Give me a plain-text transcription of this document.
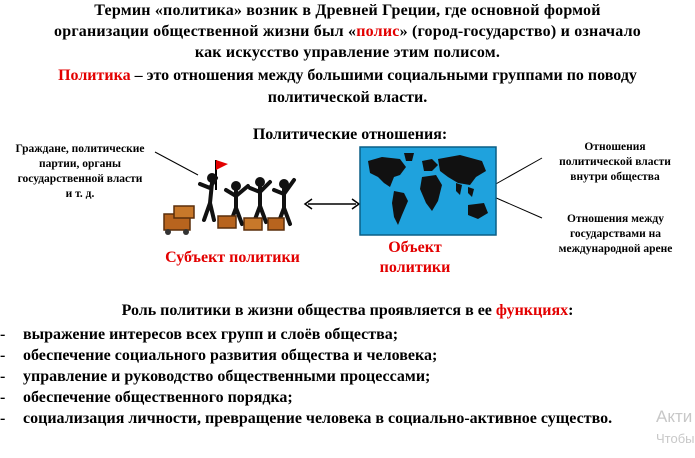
Термин «политика» возник в Древней Греции, где основной формой
организации общественной жизни был «полис» (город-государство) и означало
как искусство управление этим полисом.
Политика – это отношения между большими социальными группами по поводу
политической власти.
Политические отношения:
Граждане, политические
партии, органы
государственной власти
и т. д.
Отношения
политической власти
внутри общества
Отношения между
государствами на
международной арене
Субъект политики
Объект
политики
Роль политики в жизни общества проявляется в ее функциях:
- выражение интересов всех групп и слоёв общества;
- обеспечение социального развития общества и человека;
- управление и руководство общественными процессами;
- обеспечение общественного порядка;
- социализация личности, превращение человека в социально-активное существо.	Акти
Чтобы
